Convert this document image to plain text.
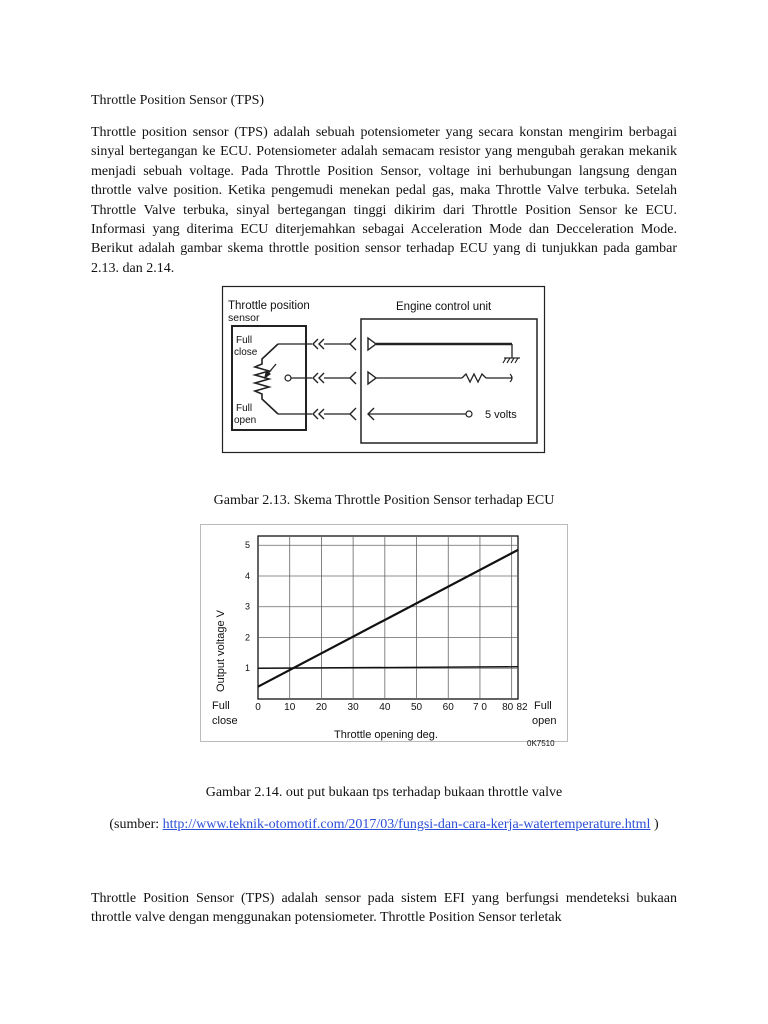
Throttle Position Sensor (TPS)

Throttle position sensor (TPS) adalah sebuah potensiometer yang secara konstan mengirim berbagai sinyal bertegangan ke ECU. Potensiometer adalah semacam resistor yang mengubah gerakan mekanik menjadi sebuah voltage. Pada Throttle Position Sensor, voltage ini berhubungan langsung dengan throttle valve position. Ketika pengemudi menekan pedal gas, maka Throttle Valve terbuka. Setelah Throttle Valve terbuka, sinyal bertegangan tinggi dikirim dari Throttle Position Sensor ke ECU. Informasi yang diterima ECU diterjemahkan sebagai Acceleration Mode dan Decceleration Mode. Berikut adalah gambar skema throttle position sensor terhadap ECU yang di tunjukkan pada gambar 2.13. dan 2.14.

Throttle position
sensor
Full
close
Full
open
Engine control unit
5 volts
Gambar 2.13. Skema Throttle Position Sensor terhadap ECU
0 10 20 30 40 50 60 7 0 80 82
1
2
3
4
5
Output voltage V
Full
close
Full
open
Throttle opening deg.
0K7510
Gambar 2.14. out put bukaan tps terhadap bukaan throttle valve
(sumber: http://www.teknik-otomotif.com/2017/03/fungsi-dan-cara-kerja-watertemperature.html )

Throttle Position Sensor (TPS) adalah sensor pada sistem EFI yang berfungsi mendeteksi bukaan throttle valve dengan menggunakan potensiometer. Throttle Position Sensor terletak
